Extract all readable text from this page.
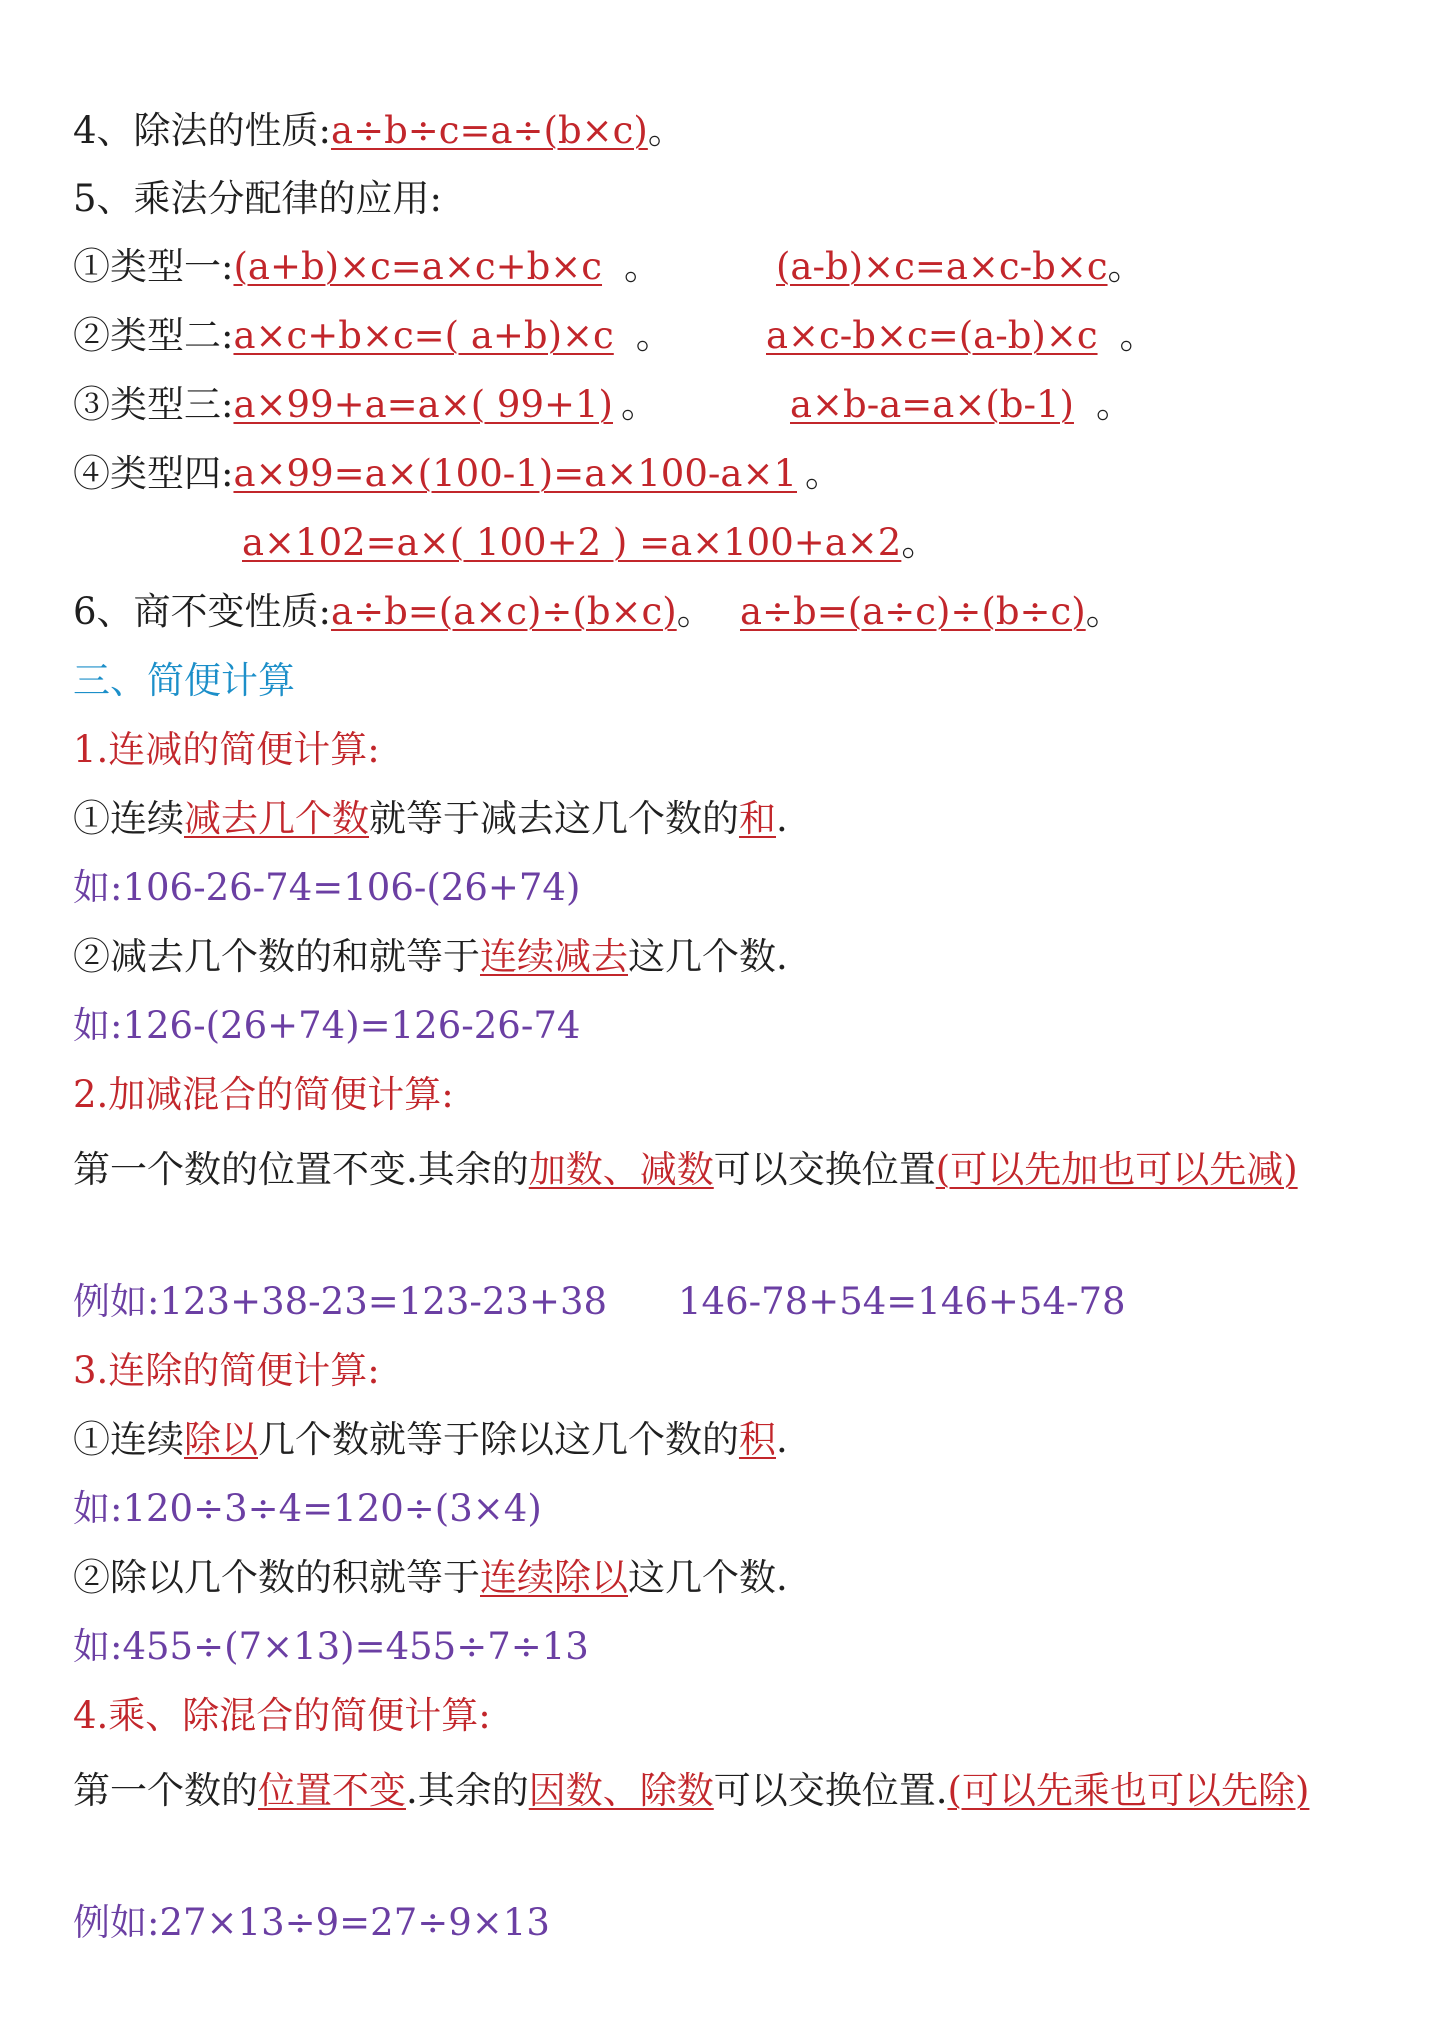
4、除法的性质:a÷b÷c=a÷(b×c)。
5、乘法分配律的应用:
①类型一:(a+b)×c=a×c+b×c 。	(a-b)×c=a×c-b×c。
②类型二:a×c+b×c=( a+b)×c 。	a×c-b×c=(a-b)×c 。
③类型三:a×99+a=a×( 99+1) 。	a×b-a=a×(b-1) 。
④类型四:a×99=a×(100-1)=a×100-a×1 。
a×102=a×( 100+2 ) =a×100+a×2。
6、商不变性质:a÷b=(a×c)÷(b×c)。 a÷b=(a÷c)÷(b÷c)。
三、简便计算
1.连减的简便计算:
①连续减去几个数就等于减去这几个数的和.
如:106-26-74=106-(26+74)
②减去几个数的和就等于连续减去这几个数.
如:126-(26+74)=126-26-74
2.加减混合的简便计算:
第一个数的位置不变.其余的加数、减数可以交换位置(可以先加也可以先减)
例如:123+38-23=123-23+38 146-78+54=146+54-78
3.连除的简便计算:
①连续除以几个数就等于除以这几个数的积.
如:120÷3÷4=120÷(3×4)
②除以几个数的积就等于连续除以这几个数.
如:455÷(7×13)=455÷7÷13
4.乘、除混合的简便计算:
第一个数的位置不变.其余的因数、除数可以交换位置.(可以先乘也可以先除)
例如:27×13÷9=27÷9×13
